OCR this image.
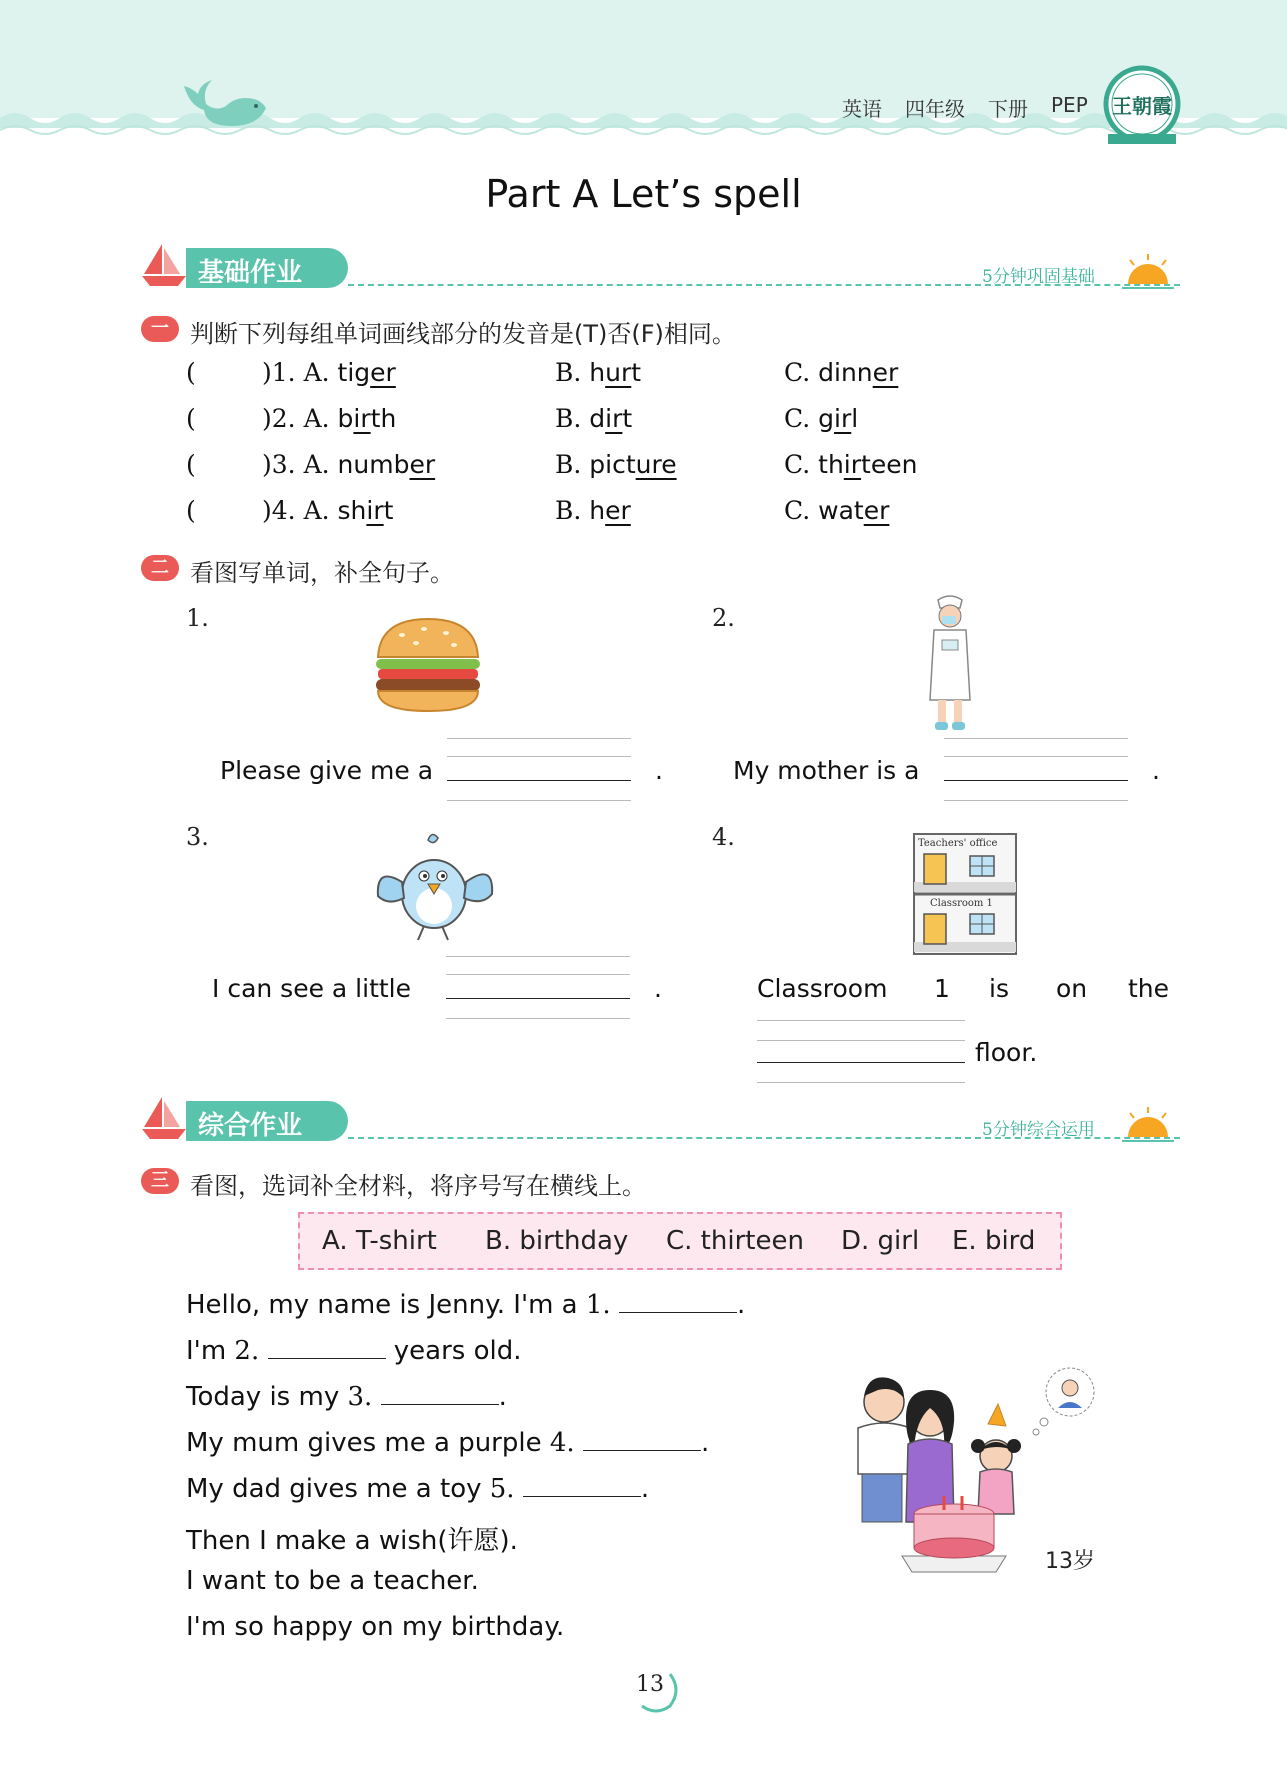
英语 四年级 下册 PEP 王朝霞
Part A Let’s spell
基础作业	5分钟巩固基础
一 判断下列每组单词画线部分的发音是(T)否(F)相同。
(	)1. A. tiger	B. hurt	C. dinner
(	)2. A. birth	B. dirt	C. girl
(	)3. A. number	B. picture	C. thirteen
(	)4. A. shirt	B. her	C. water
二 看图写单词，补全句子。
1.
Please give me a	.
2.
My mother is a	.
3.
I can see a little	.
4.	Teachers' office
Classroom 1
Classroom 1 is on the
floor.
综合作业	5分钟综合运用
三 看图，选词补全材料，将序号写在横线上。
A. T-shirt B. birthday C. thirteen D. girl E. bird
Hello, my name is Jenny. I'm a 1.	.
I'm 2.	years old.
Today is my 3.	.
My mum gives me a purple 4.	.
My dad gives me a toy 5.	.
Then I make a wish(许愿).
I want to be a teacher.
I'm so happy on my birthday.
13岁
13
